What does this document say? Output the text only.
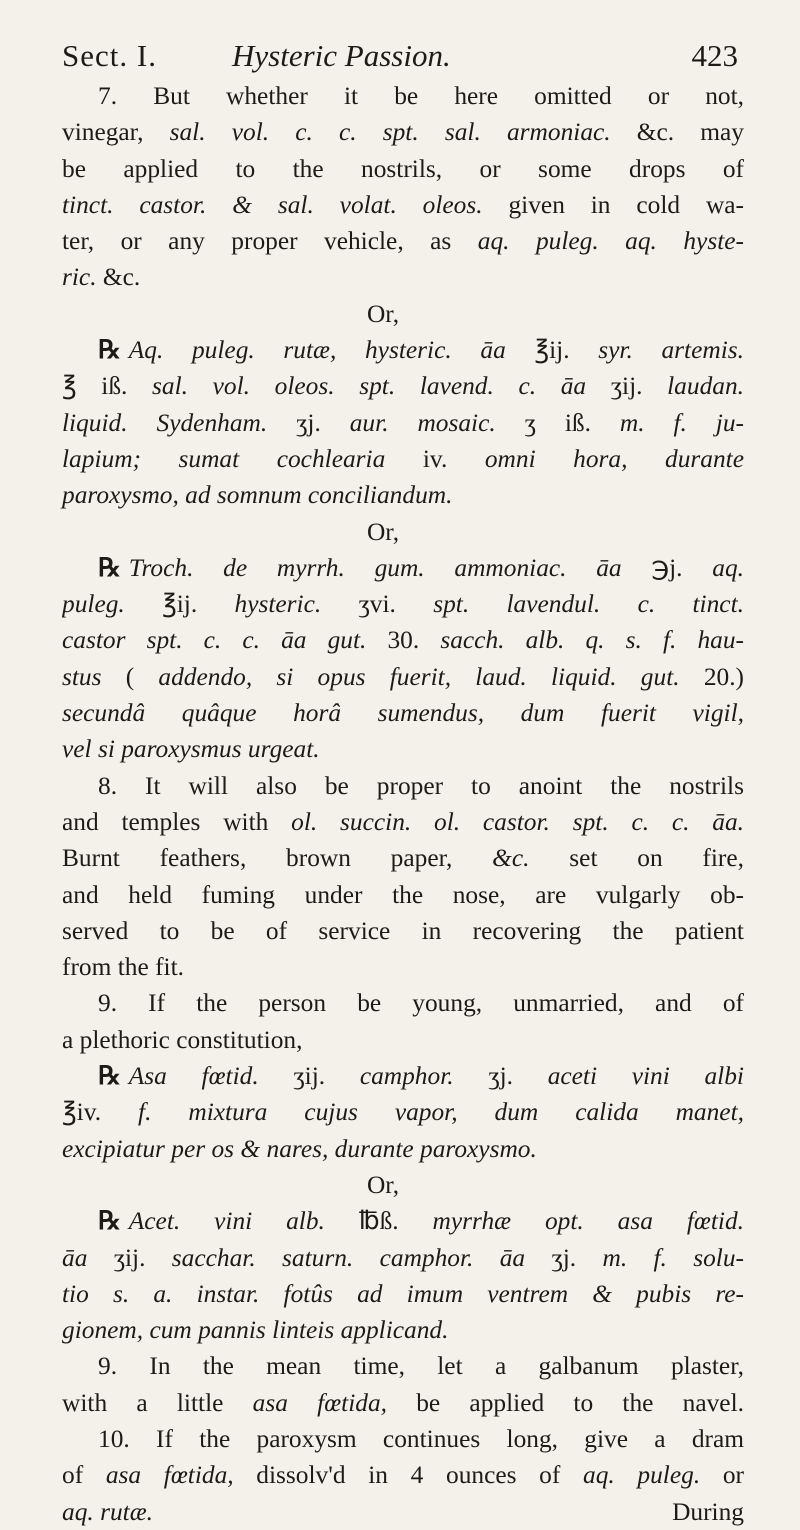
Sect. I. Hysteric Passion.	423
7. But whether it be here omitted or not,
vinegar, sal. vol. c. c. spt. sal. armoniac. &c. may
be applied to the nostrils, or some drops of
tinct. castor. & sal. volat. oleos. given in cold wa-
ter, or any proper vehicle, as aq. puleg. aq. hyste-
ric. &c.
Or,
℞ Aq. puleg. rutæ, hysteric. āa ℥ij. syr. artemis.
℥ iß. sal. vol. oleos. spt. lavend. c. āa ʒij. laudan.
liquid. Sydenham. ʒj. aur. mosaic. ʒ iß. m. f. ju-
lapium; sumat cochlearia iv. omni hora, durante
paroxysmo, ad somnum conciliandum.
Or,
℞ Troch. de myrrh. gum. ammoniac. āa ℈j. aq.
puleg. ℥ij. hysteric. ʒvi. spt. lavendul. c. tinct.
castor spt. c. c. āa gut. 30. sacch. alb. q. s. f. hau-
stus ( addendo, si opus fuerit, laud. liquid. gut. 20.)
secundâ quâque horâ sumendus, dum fuerit vigil,
vel si paroxysmus urgeat.
8. It will also be proper to anoint the nostrils
and temples with ol. succin. ol. castor. spt. c. c. āa.
Burnt feathers, brown paper, &c. set on fire,
and held fuming under the nose, are vulgarly ob-
served to be of service in recovering the patient
from the fit.
9. If the person be young, unmarried, and of
a plethoric constitution,
℞ Asa fœtid. ʒij. camphor. ʒj. aceti vini albi
℥iv. f. mixtura cujus vapor, dum calida manet,
excipiatur per os & nares, durante paroxysmo.
Or,
℞ Acet. vini alb. ℔ß. myrrhæ opt. asa fœtid.
āa ʒij. sacchar. saturn. camphor. āa ʒj. m. f. solu-
tio s. a. instar. fotûs ad imum ventrem & pubis re-
gionem, cum pannis linteis applicand.
9. In the mean time, let a galbanum plaster,
with a little asa fœtida, be applied to the navel.
10. If the paroxysm continues long, give a dram
of asa fœtida, dissolv'd in 4 ounces of aq. puleg. or
aq. rutæ.	During
